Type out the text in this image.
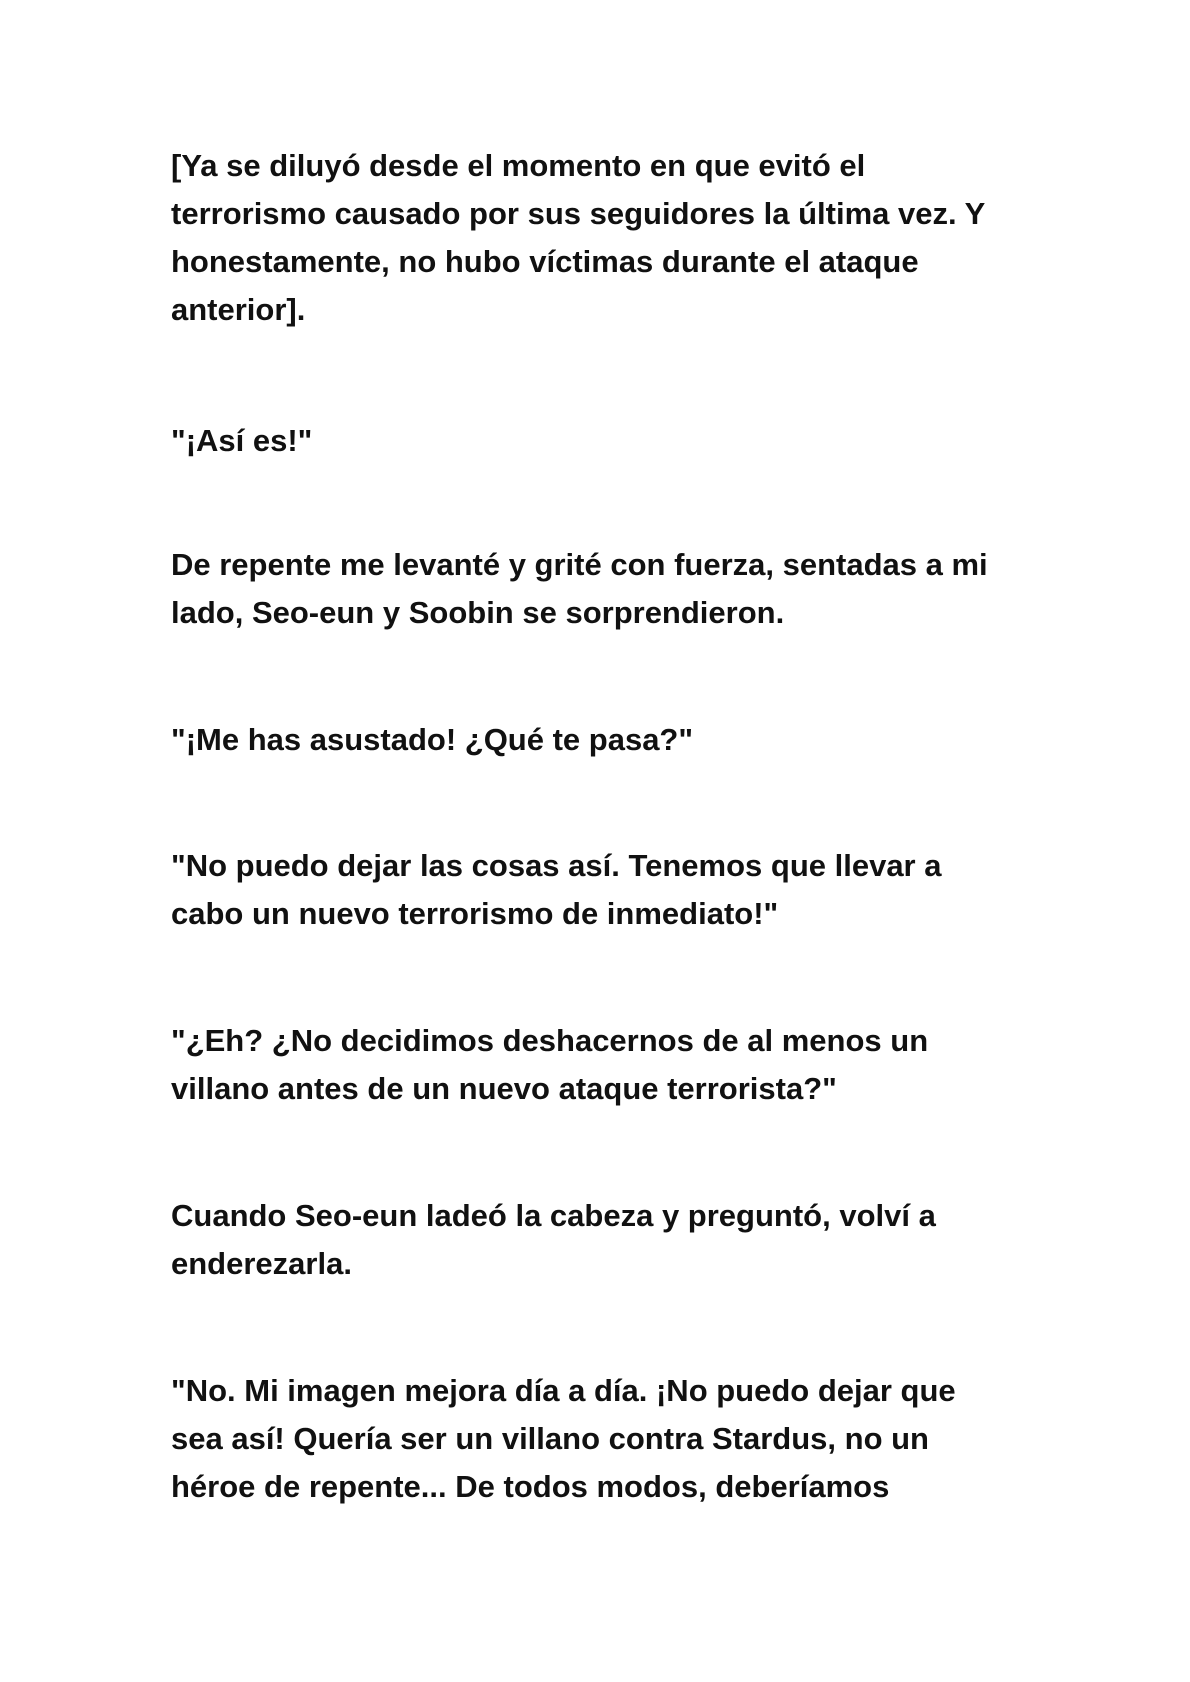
[Ya se diluyó desde el momento en que evitó el
terrorismo causado por sus seguidores la última vez. Y
honestamente, no hubo víctimas durante el ataque
anterior].

"¡Así es!"

De repente me levanté y grité con fuerza, sentadas a mi
lado, Seo-eun y Soobin se sorprendieron.

"¡Me has asustado! ¿Qué te pasa?"

"No puedo dejar las cosas así. Tenemos que llevar a
cabo un nuevo terrorismo de inmediato!"

"¿Eh? ¿No decidimos deshacernos de al menos un
villano antes de un nuevo ataque terrorista?"

Cuando Seo-eun ladeó la cabeza y preguntó, volví a
enderezarla.

"No. Mi imagen mejora día a día. ¡No puedo dejar que
sea así! Quería ser un villano contra Stardus, no un
héroe de repente... De todos modos, deberíamos
